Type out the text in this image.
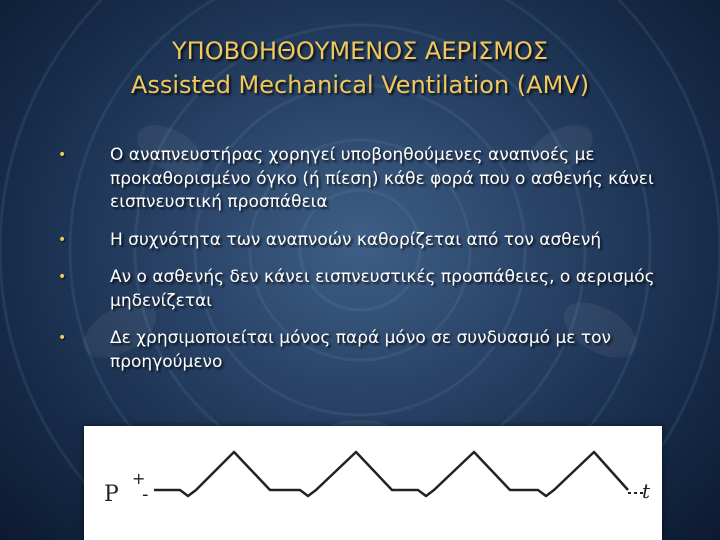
ΥΠΟΒΟΗΘΟΥΜΕΝΟΣ ΑΕΡΙΣΜΟΣ
Assisted Mechanical Ventilation (AMV)
•	Ο αναπνευστήρας χορηγεί υποβοηθούμενες αναπνοές με προκαθορισμένο όγκο (ή πίεση) κάθε φορά που ο ασθενής κάνει εισπνευστική προσπάθεια
•	Η συχνότητα των αναπνοών καθορίζεται από τον ασθενή
•	Αν ο ασθενής δεν κάνει εισπνευστικές προσπάθειες, ο αερισμός μηδενίζεται
•	Δε χρησιμοποιείται μόνος παρά μόνο σε συνδυασμό με τον προηγούμενο
P
+
-	t
